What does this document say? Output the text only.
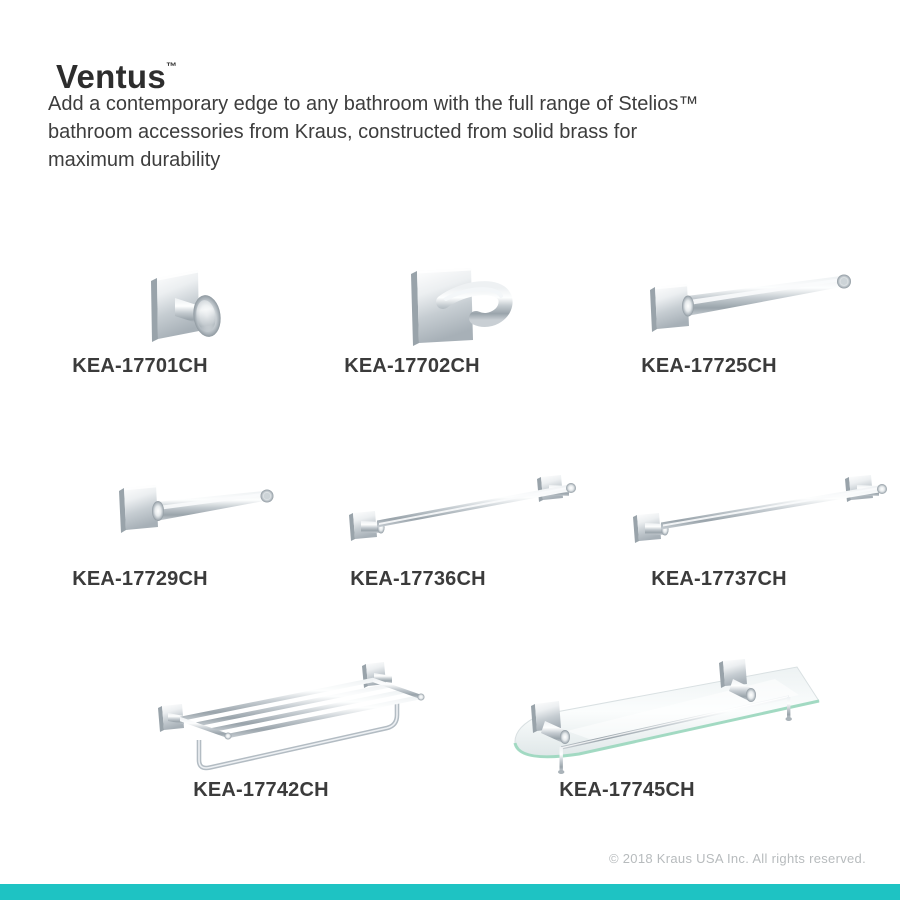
Ventus™
Add a contemporary edge to any bathroom with the full range of Stelios™
bathroom accessories from Kraus, constructed from solid brass for
maximum durability
KEA-17701CH	KEA-17702CH	KEA-17725CH
KEA-17729CH	KEA-17736CH	KEA-17737CH
KEA-17742CH	KEA-17745CH
© 2018 Kraus USA Inc. All rights reserved.
